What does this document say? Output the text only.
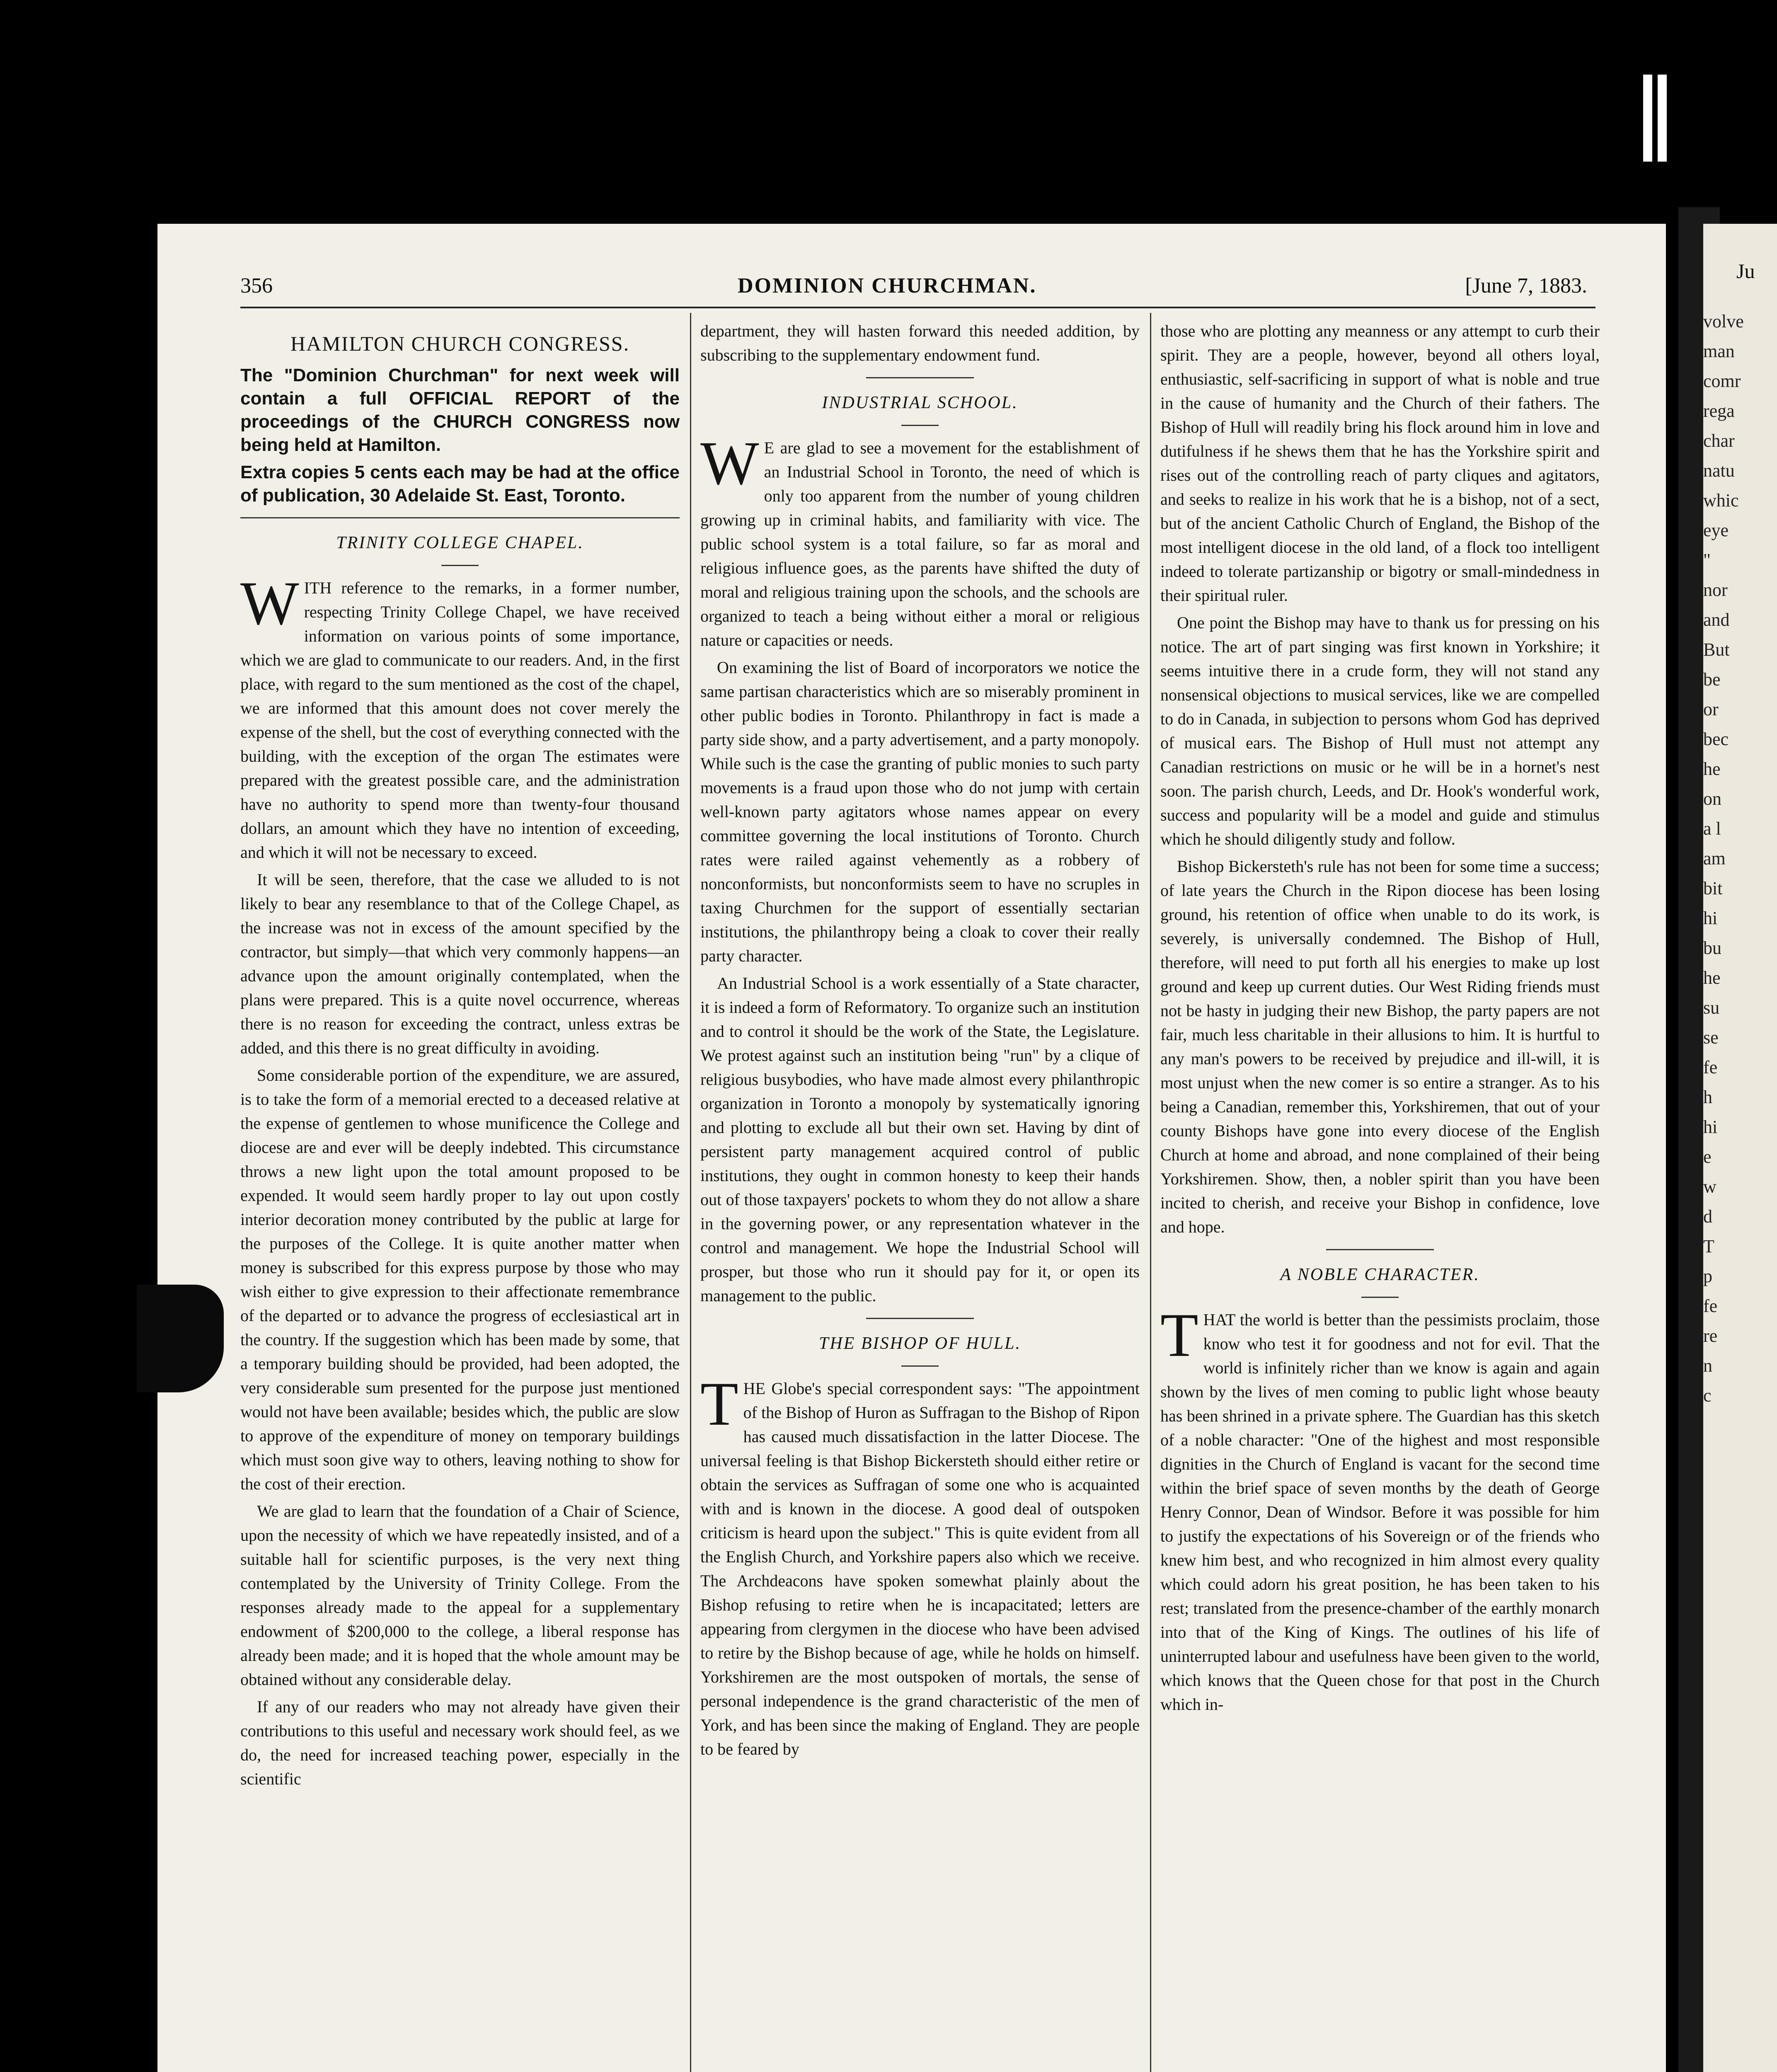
Ju
volve
man
comr
rega
char
natu
whic
eye
"
nor
and
But
be
or
bec
he
on
a l
am
bit
hi
bu
he
su
se
fe
h
hi
e
w
d
T
p
fe
re
n
c
356	DOMINION CHURCHMAN.	[June 7, 1883.
HAMILTON CHURCH CONGRESS.

The "Dominion Churchman" for next week will contain a full OFFICIAL REPORT of the proceedings of the CHURCH CONGRESS now being held at Hamilton.

Extra copies 5 cents each may be had at the office of publication, 30 Adelaide St. East, Toronto.

TRINITY COLLEGE CHAPEL.

WITH reference to the remarks, in a former number, respecting Trinity College Chapel, we have received information on various points of some importance, which we are glad to communicate to our readers. And, in the first place, with regard to the sum mentioned as the cost of the chapel, we are informed that this amount does not cover merely the expense of the shell, but the cost of everything connected with the building, with the exception of the organ The estimates were prepared with the greatest possible care, and the administration have no authority to spend more than twenty-four thousand dollars, an amount which they have no intention of exceeding, and which it will not be necessary to exceed.

It will be seen, therefore, that the case we alluded to is not likely to bear any resemblance to that of the College Chapel, as the increase was not in excess of the amount specified by the contractor, but simply—that which very commonly happens—an advance upon the amount originally contemplated, when the plans were prepared. This is a quite novel occurrence, whereas there is no reason for exceeding the contract, unless extras be added, and this there is no great difficulty in avoiding.

Some considerable portion of the expenditure, we are assured, is to take the form of a memorial erected to a deceased relative at the expense of gentlemen to whose munificence the College and diocese are and ever will be deeply indebted. This circumstance throws a new light upon the total amount proposed to be expended. It would seem hardly proper to lay out upon costly interior decoration money contributed by the public at large for the purposes of the College. It is quite another matter when money is subscribed for this express purpose by those who may wish either to give expression to their affectionate remembrance of the departed or to advance the progress of ecclesiastical art in the country. If the suggestion which has been made by some, that a temporary building should be provided, had been adopted, the very considerable sum presented for the purpose just mentioned would not have been available; besides which, the public are slow to approve of the expenditure of money on temporary buildings which must soon give way to others, leaving nothing to show for the cost of their erection.

We are glad to learn that the foundation of a Chair of Science, upon the necessity of which we have repeatedly insisted, and of a suitable hall for scientific purposes, is the very next thing contemplated by the University of Trinity College. From the responses already made to the appeal for a supplementary endowment of $200,000 to the college, a liberal response has already been made; and it is hoped that the whole amount may be obtained without any considerable delay.

If any of our readers who may not already have given their contributions to this useful and necessary work should feel, as we do, the need for increased teaching power, especially in the scientific

department, they will hasten forward this needed addition, by subscribing to the supplementary endowment fund.

INDUSTRIAL SCHOOL.

W E are glad to see a movement for the establishment of an Industrial School in Toronto, the need of which is only too apparent from the number of young children growing up in criminal habits, and familiarity with vice. The public school system is a total failure, so far as moral and religious influence goes, as the parents have shifted the duty of moral and religious training upon the schools, and the schools are organized to teach a being without either a moral or religious nature or capacities or needs.

On examining the list of Board of incorporators we notice the same partisan characteristics which are so miserably prominent in other public bodies in Toronto. Philanthropy in fact is made a party side show, and a party advertisement, and a party monopoly. While such is the case the granting of public monies to such party movements is a fraud upon those who do not jump with certain well-known party agitators whose names appear on every committee governing the local institutions of Toronto. Church rates were railed against vehemently as a robbery of nonconformists, but nonconformists seem to have no scruples in taxing Churchmen for the support of essentially sectarian institutions, the philanthropy being a cloak to cover their really party character.

An Industrial School is a work essentially of a State character, it is indeed a form of Reformatory. To organize such an institution and to control it should be the work of the State, the Legislature. We protest against such an institution being "run" by a clique of religious busybodies, who have made almost every philanthropic organization in Toronto a monopoly by systematically ignoring and plotting to exclude all but their own set. Having by dint of persistent party management acquired control of public institutions, they ought in common honesty to keep their hands out of those taxpayers' pockets to whom they do not allow a share in the governing power, or any representation whatever in the control and management. We hope the Industrial School will prosper, but those who run it should pay for it, or open its management to the public.

THE BISHOP OF HULL.

THE Globe's special correspondent says: "The appointment of the Bishop of Huron as Suffragan to the Bishop of Ripon has caused much dissatisfaction in the latter Diocese. The universal feeling is that Bishop Bickersteth should either retire or obtain the services as Suffragan of some one who is acquainted with and is known in the diocese. A good deal of outspoken criticism is heard upon the subject." This is quite evident from all the English Church, and Yorkshire papers also which we receive. The Archdeacons have spoken somewhat plainly about the Bishop refusing to retire when he is incapacitated; letters are appearing from clergymen in the diocese who have been advised to retire by the Bishop because of age, while he holds on himself. Yorkshiremen are the most outspoken of mortals, the sense of personal independence is the grand characteristic of the men of York, and has been since the making of England. They are people to be feared by

those who are plotting any meanness or any attempt to curb their spirit. They are a people, however, beyond all others loyal, enthusiastic, self-sacrificing in support of what is noble and true in the cause of humanity and the Church of their fathers. The Bishop of Hull will readily bring his flock around him in love and dutifulness if he shews them that he has the Yorkshire spirit and rises out of the controlling reach of party cliques and agitators, and seeks to realize in his work that he is a bishop, not of a sect, but of the ancient Catholic Church of England, the Bishop of the most intelligent diocese in the old land, of a flock too intelligent indeed to tolerate partizanship or bigotry or small-mindedness in their spiritual ruler.

One point the Bishop may have to thank us for pressing on his notice. The art of part singing was first known in Yorkshire; it seems intuitive there in a crude form, they will not stand any nonsensical objections to musical services, like we are compelled to do in Canada, in subjection to persons whom God has deprived of musical ears. The Bishop of Hull must not attempt any Canadian restrictions on music or he will be in a hornet's nest soon. The parish church, Leeds, and Dr. Hook's wonderful work, success and popularity will be a model and guide and stimulus which he should diligently study and follow.

Bishop Bickersteth's rule has not been for some time a success; of late years the Church in the Ripon diocese has been losing ground, his retention of office when unable to do its work, is severely, is universally condemned. The Bishop of Hull, therefore, will need to put forth all his energies to make up lost ground and keep up current duties. Our West Riding friends must not be hasty in judging their new Bishop, the party papers are not fair, much less charitable in their allusions to him. It is hurtful to any man's powers to be received by prejudice and ill-will, it is most unjust when the new comer is so entire a stranger. As to his being a Canadian, remember this, Yorkshiremen, that out of your county Bishops have gone into every diocese of the English Church at home and abroad, and none complained of their being Yorkshiremen. Show, then, a nobler spirit than you have been incited to cherish, and receive your Bishop in confidence, love and hope.

A NOBLE CHARACTER.

THAT the world is better than the pessimists proclaim, those know who test it for goodness and not for evil. That the world is infinitely richer than we know is again and again shown by the lives of men coming to public light whose beauty has been shrined in a private sphere. The Guardian has this sketch of a noble character: "One of the highest and most responsible dignities in the Church of England is vacant for the second time within the brief space of seven months by the death of George Henry Connor, Dean of Windsor. Before it was possible for him to justify the expectations of his Sovereign or of the friends who knew him best, and who recognized in him almost every quality which could adorn his great position, he has been taken to his rest; translated from the presence-chamber of the earthly monarch into that of the King of Kings. The outlines of his life of uninterrupted labour and usefulness have been given to the world, which knows that the Queen chose for that post in the Church which in-
